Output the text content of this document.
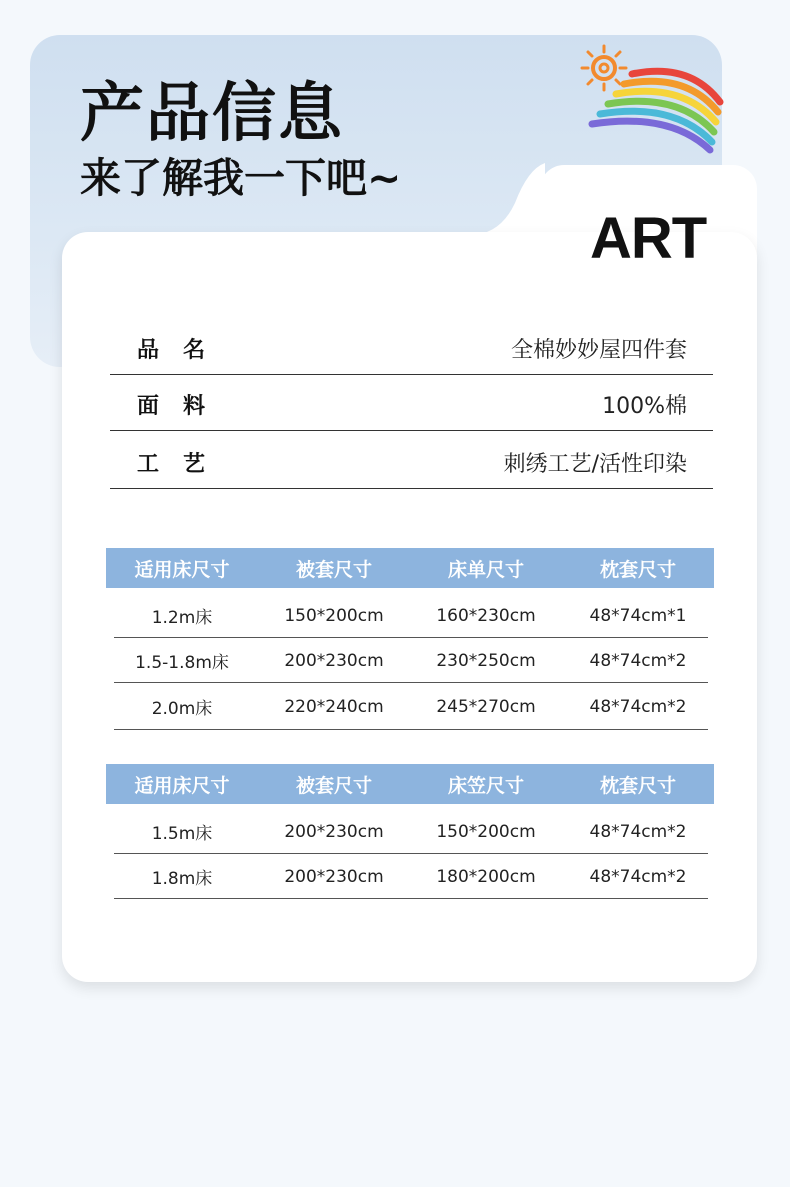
产品信息
来了解我一下吧~
ART
品名	全棉妙妙屋四件套
面料	100%棉
工艺	刺绣工艺/活性印染
适用床尺寸	被套尺寸	床单尺寸	枕套尺寸
1.2m床	150*200cm	160*230cm	48*74cm*1
1.5-1.8m床	200*230cm	230*250cm	48*74cm*2
2.0m床	220*240cm	245*270cm	48*74cm*2
适用床尺寸	被套尺寸	床笠尺寸	枕套尺寸
1.5m床	200*230cm	150*200cm	48*74cm*2
1.8m床	200*230cm	180*200cm	48*74cm*2
